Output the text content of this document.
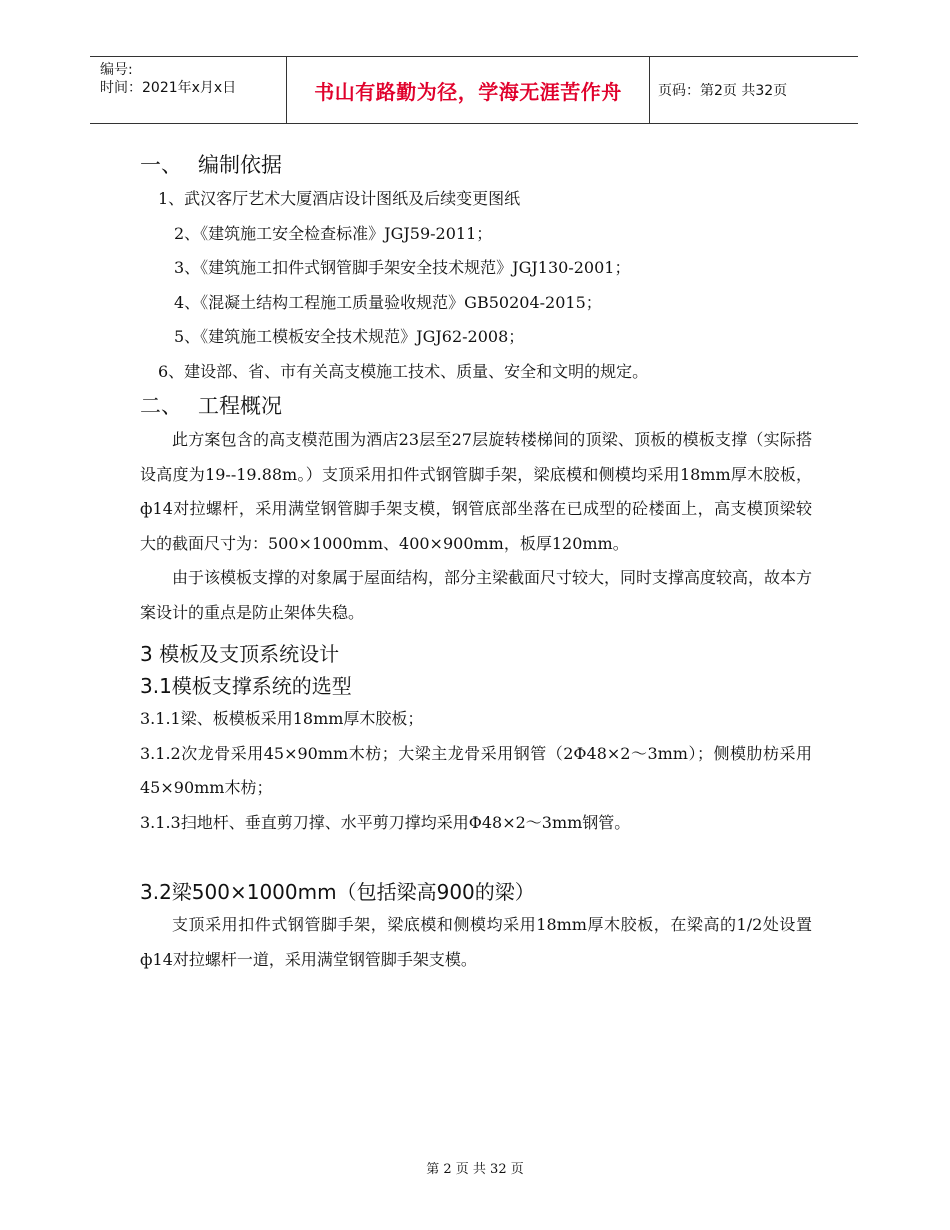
编号:
时间：2021年x月x日	书山有路勤为径，学海无涯苦作舟	页码：第2页 共32页

一、 编制依据

1、武汉客厅艺术大厦酒店设计图纸及后续变更图纸

2、《建筑施工安全检查标准》JGJ59-2011；

3、《建筑施工扣件式钢管脚手架安全技术规范》JGJ130-2001；

4、《混凝土结构工程施工质量验收规范》GB50204-2015；

5、《建筑施工模板安全技术规范》JGJ62-2008；

6、建设部、省、市有关高支模施工技术、质量、安全和文明的规定。

二、 工程概况

此方案包含的高支模范围为酒店23层至27层旋转楼梯间的顶梁、顶板的模板支撑（实际搭设高度为19--19.88m。）支顶采用扣件式钢管脚手架，梁底模和侧模均采用18mm厚木胶板，ф14对拉螺杆，采用满堂钢管脚手架支模，钢管底部坐落在已成型的砼楼面上，高支模顶梁较大的截面尺寸为：500×1000mm、400×900mm，板厚120mm。

由于该模板支撑的对象属于屋面结构，部分主梁截面尺寸较大，同时支撑高度较高，故本方案设计的重点是防止架体失稳。

3 模板及支顶系统设计

3.1模板支撑系统的选型

3.1.1梁、板模板采用18mm厚木胶板；

3.1.2次龙骨采用45×90mm木枋；大梁主龙骨采用钢管（2Φ48×2～3mm）；侧模肋枋采用45×90mm木枋；

3.1.3扫地杆、垂直剪刀撑、水平剪刀撑均采用Φ48×2～3mm钢管。

3.2梁500×1000mm（包括梁高900的梁）

支顶采用扣件式钢管脚手架，梁底模和侧模均采用18mm厚木胶板，在梁高的1/2处设置ф14对拉螺杆一道，采用满堂钢管脚手架支模。

第 2 页 共 32 页
